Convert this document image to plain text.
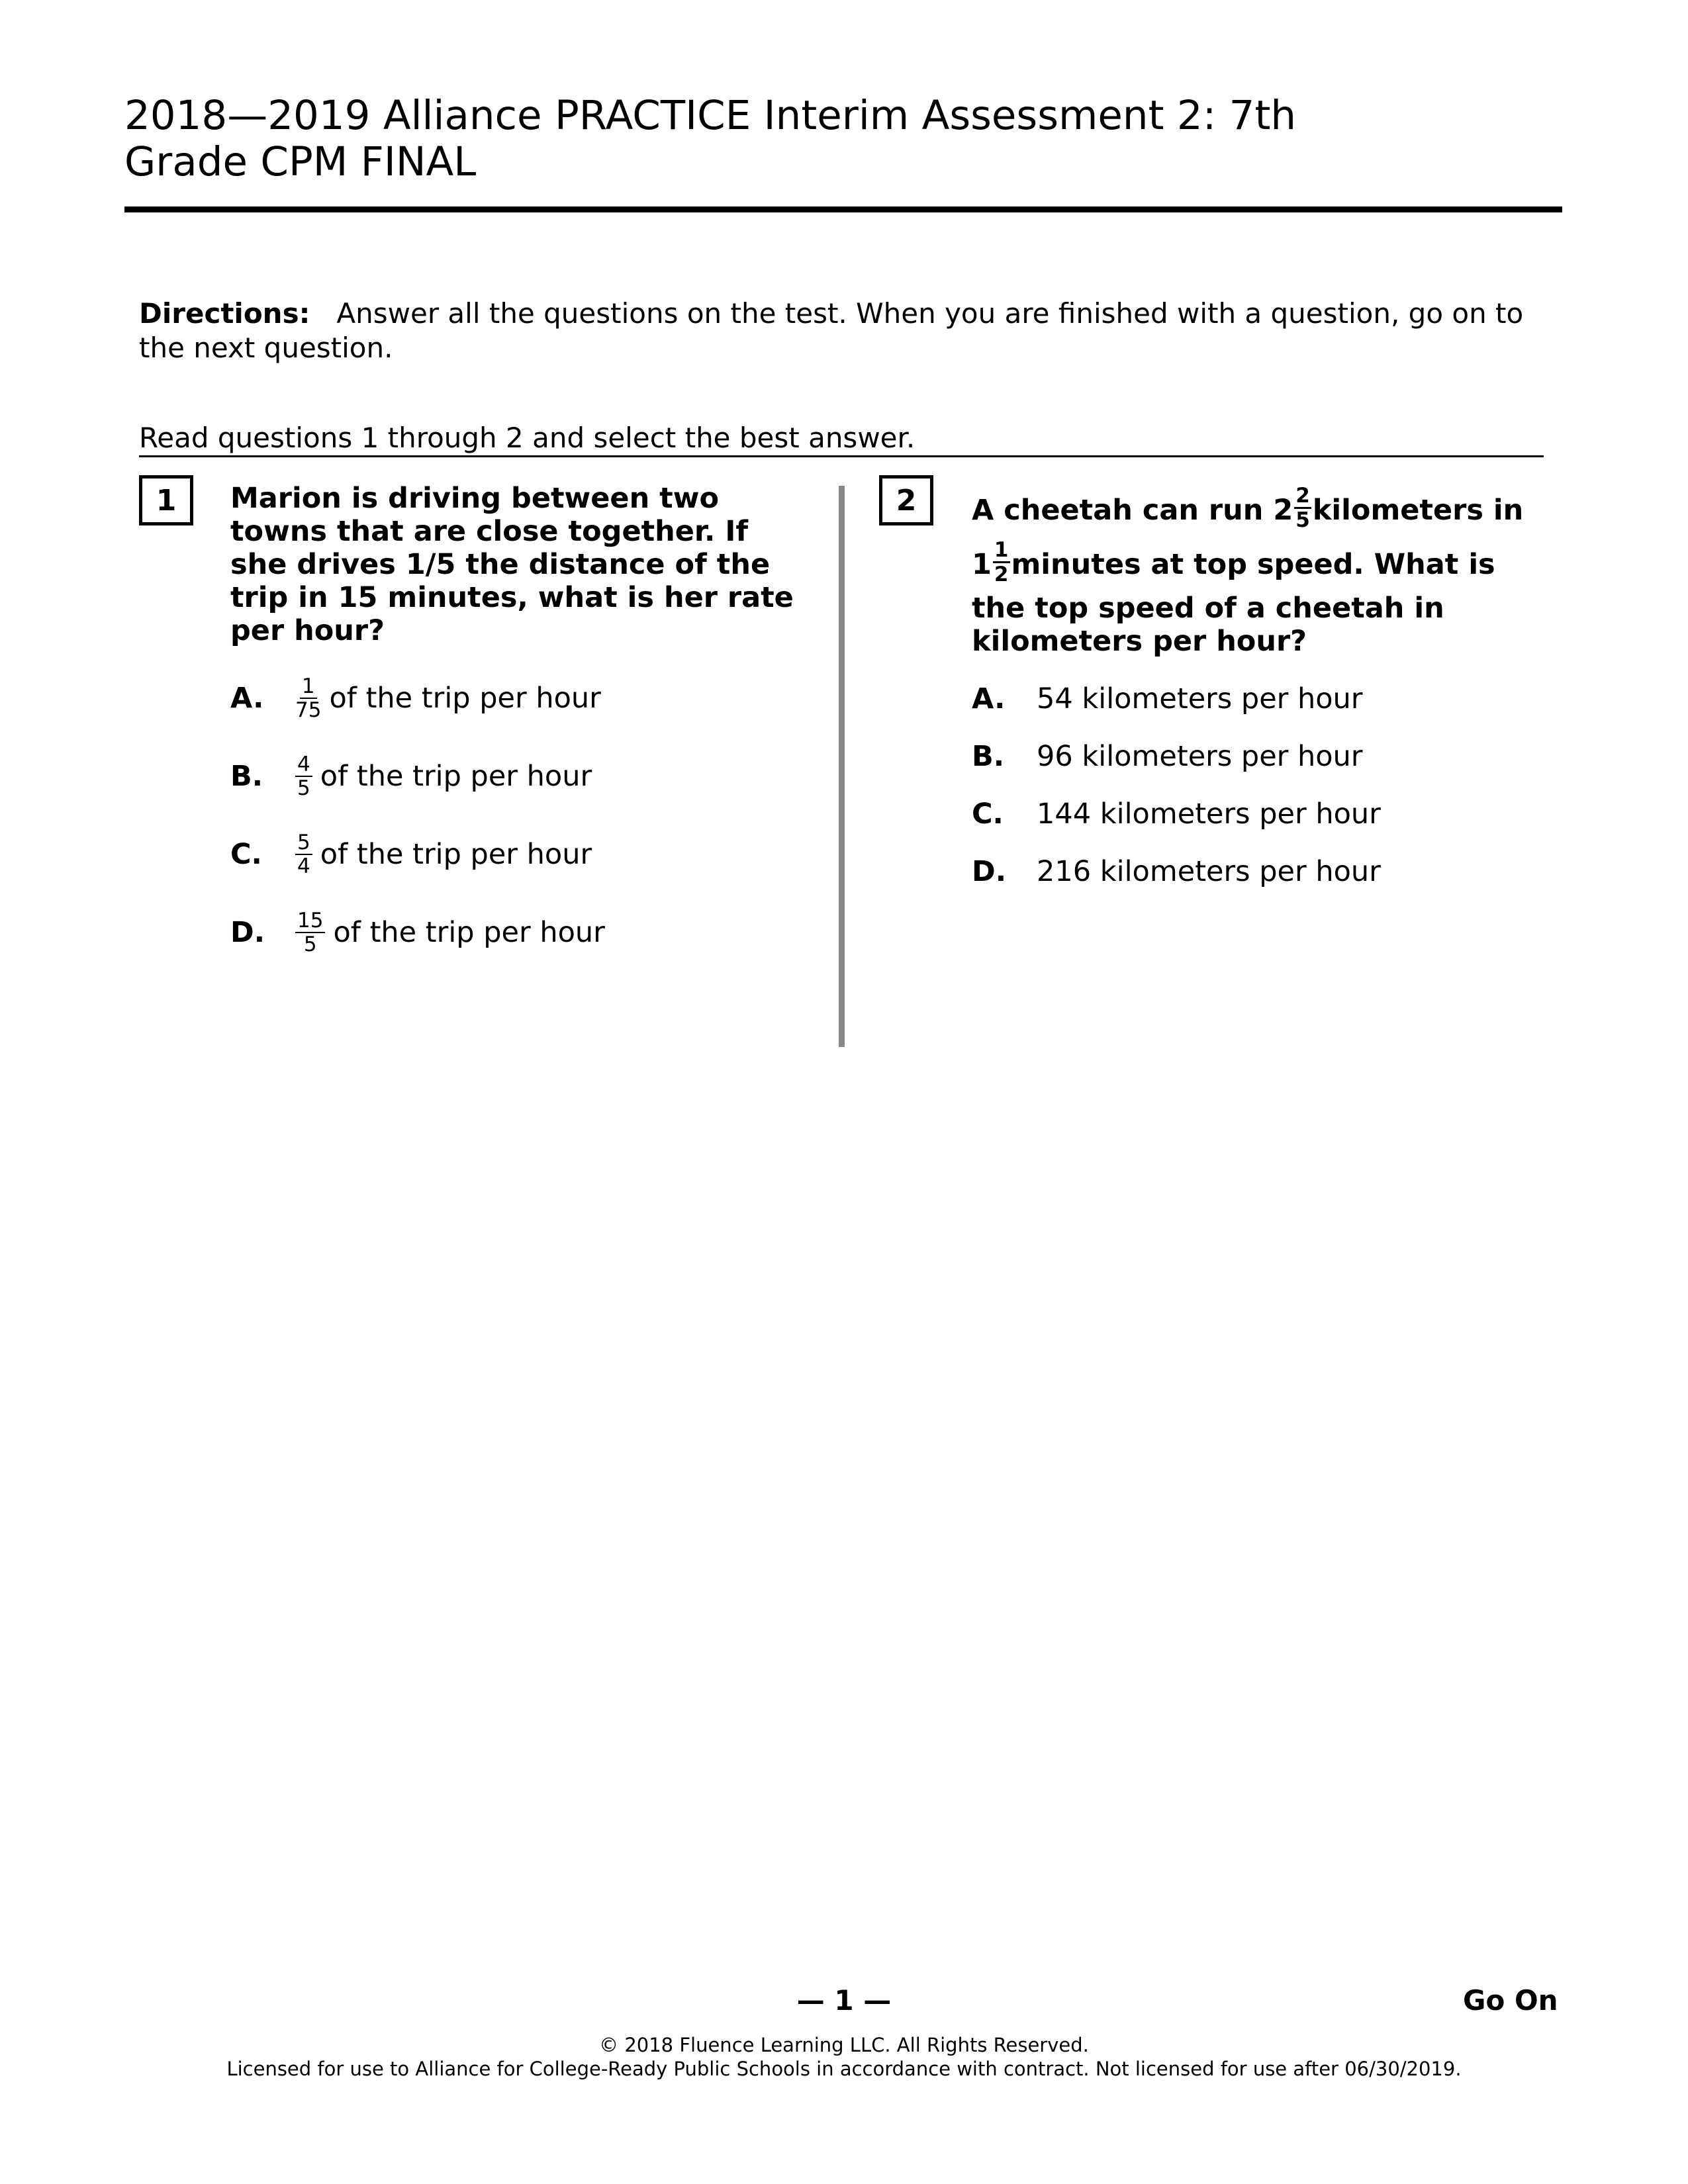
2018—2019 Alliance PRACTICE Interim Assessment 2: 7th
Grade CPM FINAL
Directions: Answer all the questions on the test. When you are finished with a question, go on to the next question.
Read questions 1 through 2 and select the best answer.
1	Marion is driving between two towns that are close together. If she drives 1/5 the distance of the trip in 15 minutes, what is her rate per hour?
A.	$\frac{1}{75}$ of the trip per hour
B.	$\frac{4}{5}$ of the trip per hour
C.	$\frac{5}{4}$ of the trip per hour
D.	$\frac{15}{5}$ of the trip per hour
2	A cheetah can run $2 \frac{2}{5}$ kilometers in
$1 \frac{1}{2}$ minutes at top speed. What is
the top speed of a cheetah in
kilometers per hour?
A.	54 kilometers per hour
B.	96 kilometers per hour
C.	144 kilometers per hour
D.	216 kilometers per hour
— 1 —	Go On
© 2018 Fluence Learning LLC. All Rights Reserved.
Licensed for use to Alliance for College-Ready Public Schools in accordance with contract. Not licensed for use after 06/30/2019.
